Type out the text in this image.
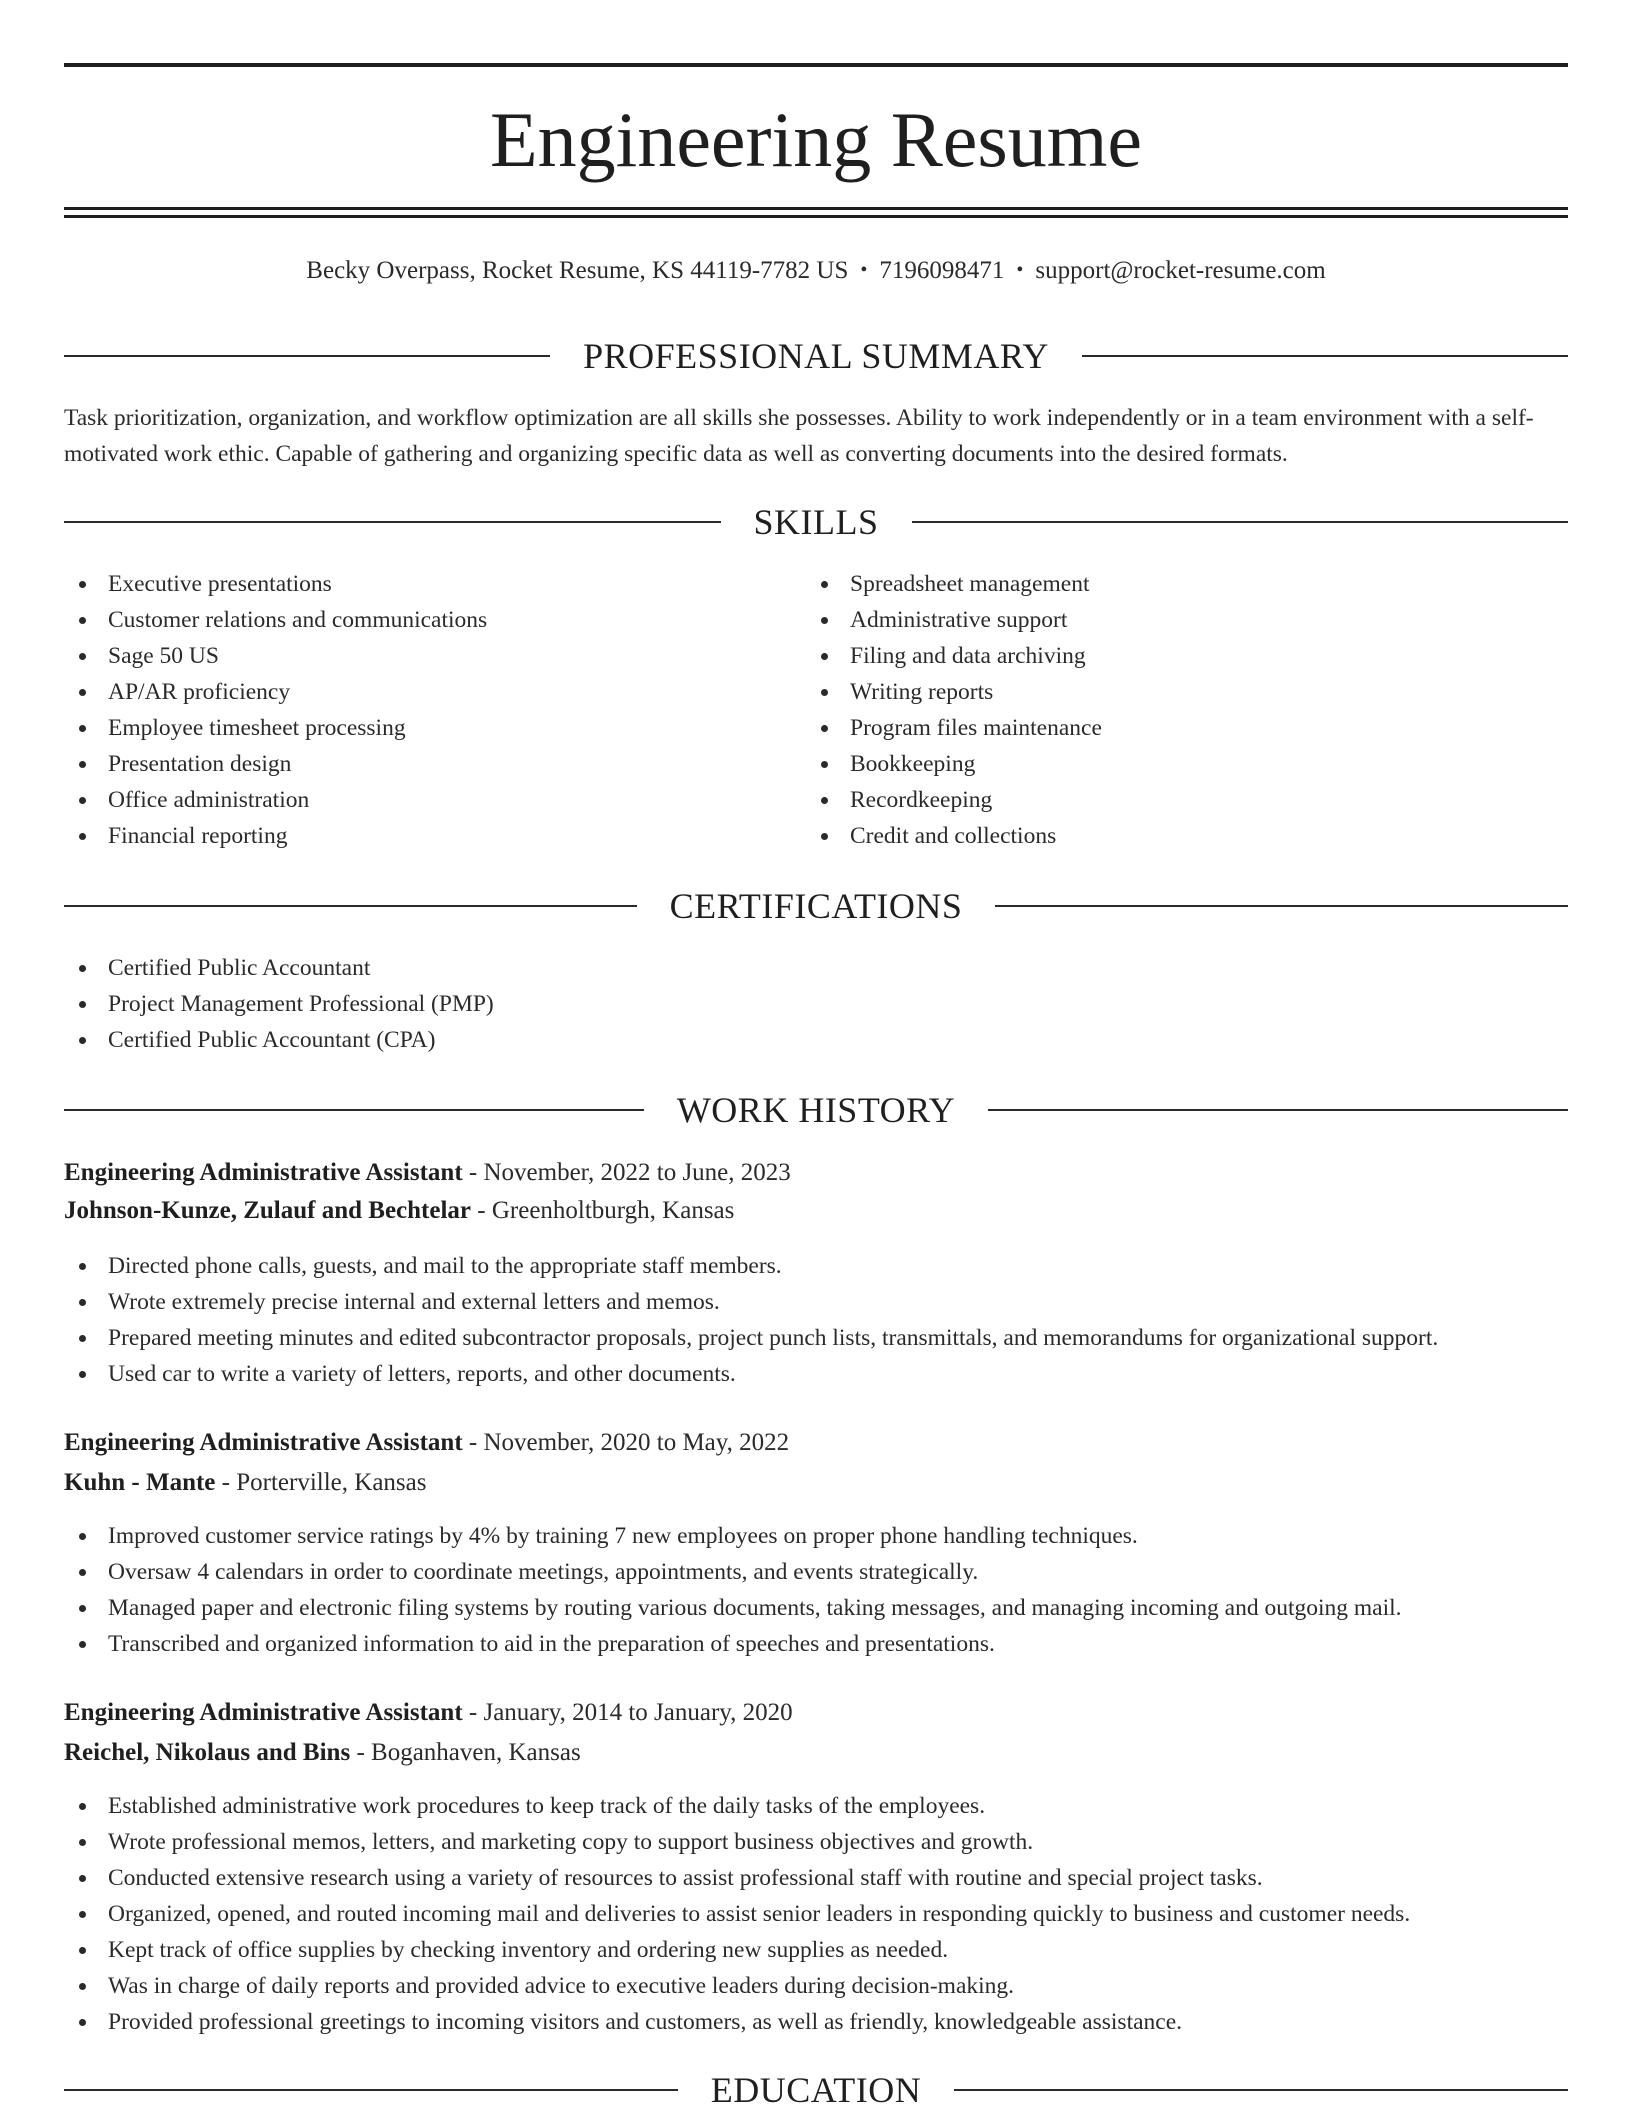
Engineering Resume
Becky Overpass, Rocket Resume, KS 44119-7782 US • 7196098471 • support@rocket-resume.com
PROFESSIONAL SUMMARY
Task prioritization, organization, and workflow optimization are all skills she possesses. Ability to work independently or in a team environment with a self-motivated work ethic. Capable of gathering and organizing specific data as well as converting documents into the desired formats.
SKILLS
Executive presentations
Customer relations and communications
Sage 50 US
AP/AR proficiency
Employee timesheet processing
Presentation design
Office administration
Financial reporting
Spreadsheet management
Administrative support
Filing and data archiving
Writing reports
Program files maintenance
Bookkeeping
Recordkeeping
Credit and collections
CERTIFICATIONS
Certified Public Accountant
Project Management Professional (PMP)
Certified Public Accountant (CPA)
WORK HISTORY
Engineering Administrative Assistant - November, 2022 to June, 2023
Johnson-Kunze, Zulauf and Bechtelar - Greenholtburgh, Kansas
Directed phone calls, guests, and mail to the appropriate staff members.
Wrote extremely precise internal and external letters and memos.
Prepared meeting minutes and edited subcontractor proposals, project punch lists, transmittals, and memorandums for organizational support.
Used car to write a variety of letters, reports, and other documents.
Engineering Administrative Assistant - November, 2020 to May, 2022
Kuhn - Mante - Porterville, Kansas
Improved customer service ratings by 4% by training 7 new employees on proper phone handling techniques.
Oversaw 4 calendars in order to coordinate meetings, appointments, and events strategically.
Managed paper and electronic filing systems by routing various documents, taking messages, and managing incoming and outgoing mail.
Transcribed and organized information to aid in the preparation of speeches and presentations.
Engineering Administrative Assistant - January, 2014 to January, 2020
Reichel, Nikolaus and Bins - Boganhaven, Kansas
Established administrative work procedures to keep track of the daily tasks of the employees.
Wrote professional memos, letters, and marketing copy to support business objectives and growth.
Conducted extensive research using a variety of resources to assist professional staff with routine and special project tasks.
Organized, opened, and routed incoming mail and deliveries to assist senior leaders in responding quickly to business and customer needs.
Kept track of office supplies by checking inventory and ordering new supplies as needed.
Was in charge of daily reports and provided advice to executive leaders during decision-making.
Provided professional greetings to incoming visitors and customers, as well as friendly, knowledgeable assistance.
EDUCATION
